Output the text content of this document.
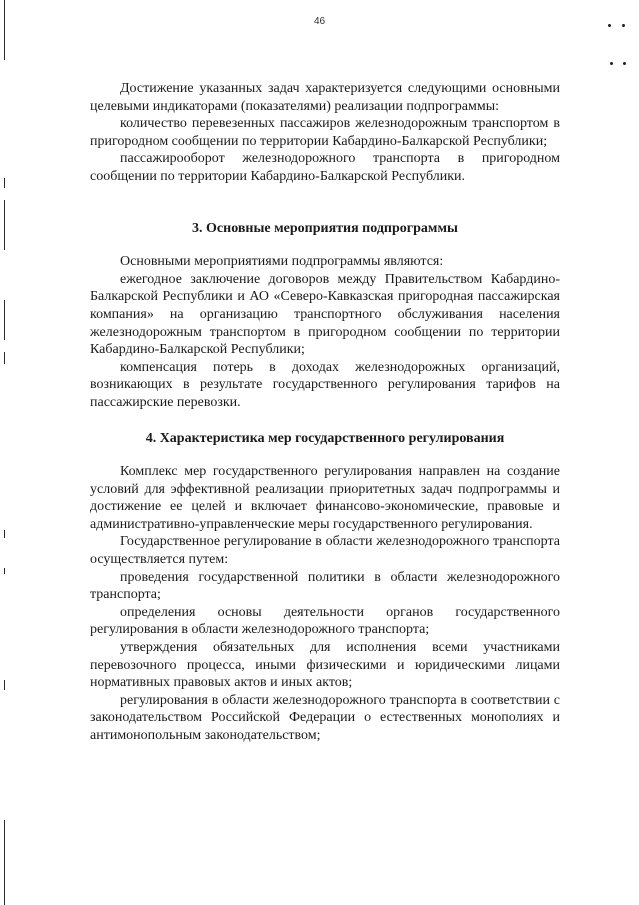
46

Достижение указанных задач характеризуется следующими основными целевыми индикаторами (показателями) реализации подпрограммы:

количество перевезенных пассажиров железнодорожным транспортом в пригородном сообщении по территории Кабардино-Балкарской Республики;

пассажирооборот железнодорожного транспорта в пригородном сообщении по территории Кабардино-Балкарской Республики.

3. Основные мероприятия подпрограммы

Основными мероприятиями подпрограммы являются:

ежегодное заключение договоров между Правительством Кабардино-Балкарской Республики и АО «Северо-Кавказская пригородная пассажирская компания» на организацию транспортного обслуживания населения железнодорожным транспортом в пригородном сообщении по территории Кабардино-Балкарской Республики;

компенсация потерь в доходах железнодорожных организаций, возникающих в результате государственного регулирования тарифов на пассажирские перевозки.

4. Характеристика мер государственного регулирования

Комплекс мер государственного регулирования направлен на создание условий для эффективной реализации приоритетных задач подпрограммы и достижение ее целей и включает финансово-экономические, правовые и административно-управленческие меры государственного регулирования.

Государственное регулирование в области железнодорожного транспорта осуществляется путем:

проведения государственной политики в области железнодорожного транспорта;

определения основы деятельности органов государственного регулирования в области железнодорожного транспорта;

утверждения обязательных для исполнения всеми участниками перевозочного процесса, иными физическими и юридическими лицами нормативных правовых актов и иных актов;

регулирования в области железнодорожного транспорта в соответствии с законодательством Российской Федерации о естественных монополиях и антимонопольным законодательством;
